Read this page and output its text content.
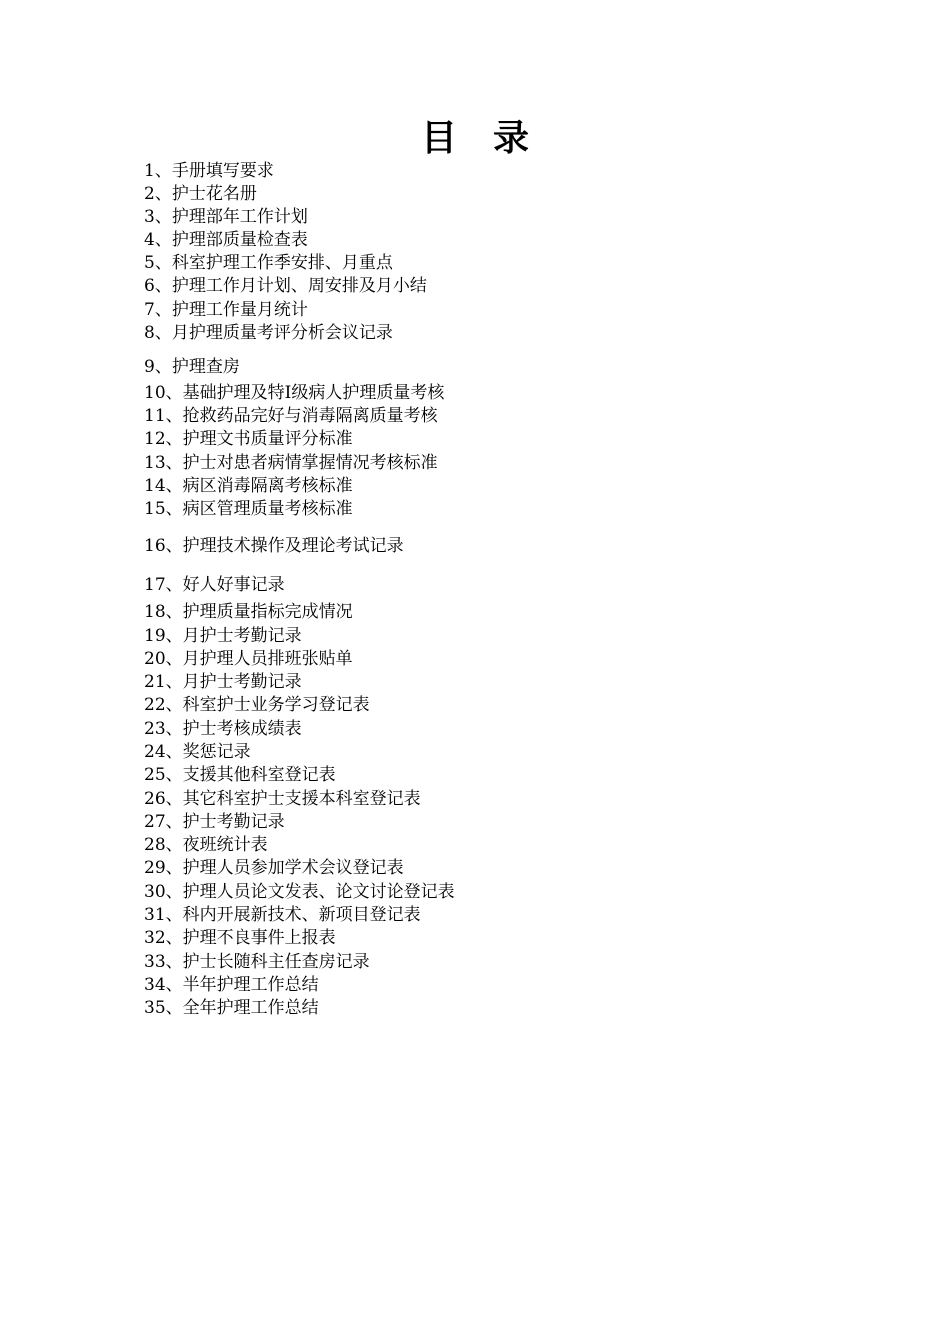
目 录
1、手册填写要求
2、护士花名册
3、护理部年工作计划
4、护理部质量检查表
5、科室护理工作季安排、月重点
6、护理工作月计划、周安排及月小结
7、护理工作量月统计
8、月护理质量考评分析会议记录
9、护理查房
10、基础护理及特Ⅰ级病人护理质量考核
11、抢救药品完好与消毒隔离质量考核
12、护理文书质量评分标准
13、护士对患者病情掌握情况考核标准
14、病区消毒隔离考核标准
15、病区管理质量考核标准
16、护理技术操作及理论考试记录
17、好人好事记录
18、护理质量指标完成情况
19、月护士考勤记录
20、月护理人员排班张贴单
21、月护士考勤记录
22、科室护士业务学习登记表
23、护士考核成绩表
24、奖惩记录
25、支援其他科室登记表
26、其它科室护士支援本科室登记表
27、护士考勤记录
28、夜班统计表
29、护理人员参加学术会议登记表
30、护理人员论文发表、论文讨论登记表
31、科内开展新技术、新项目登记表
32、护理不良事件上报表
33、护士长随科主任查房记录
34、半年护理工作总结
35、全年护理工作总结
